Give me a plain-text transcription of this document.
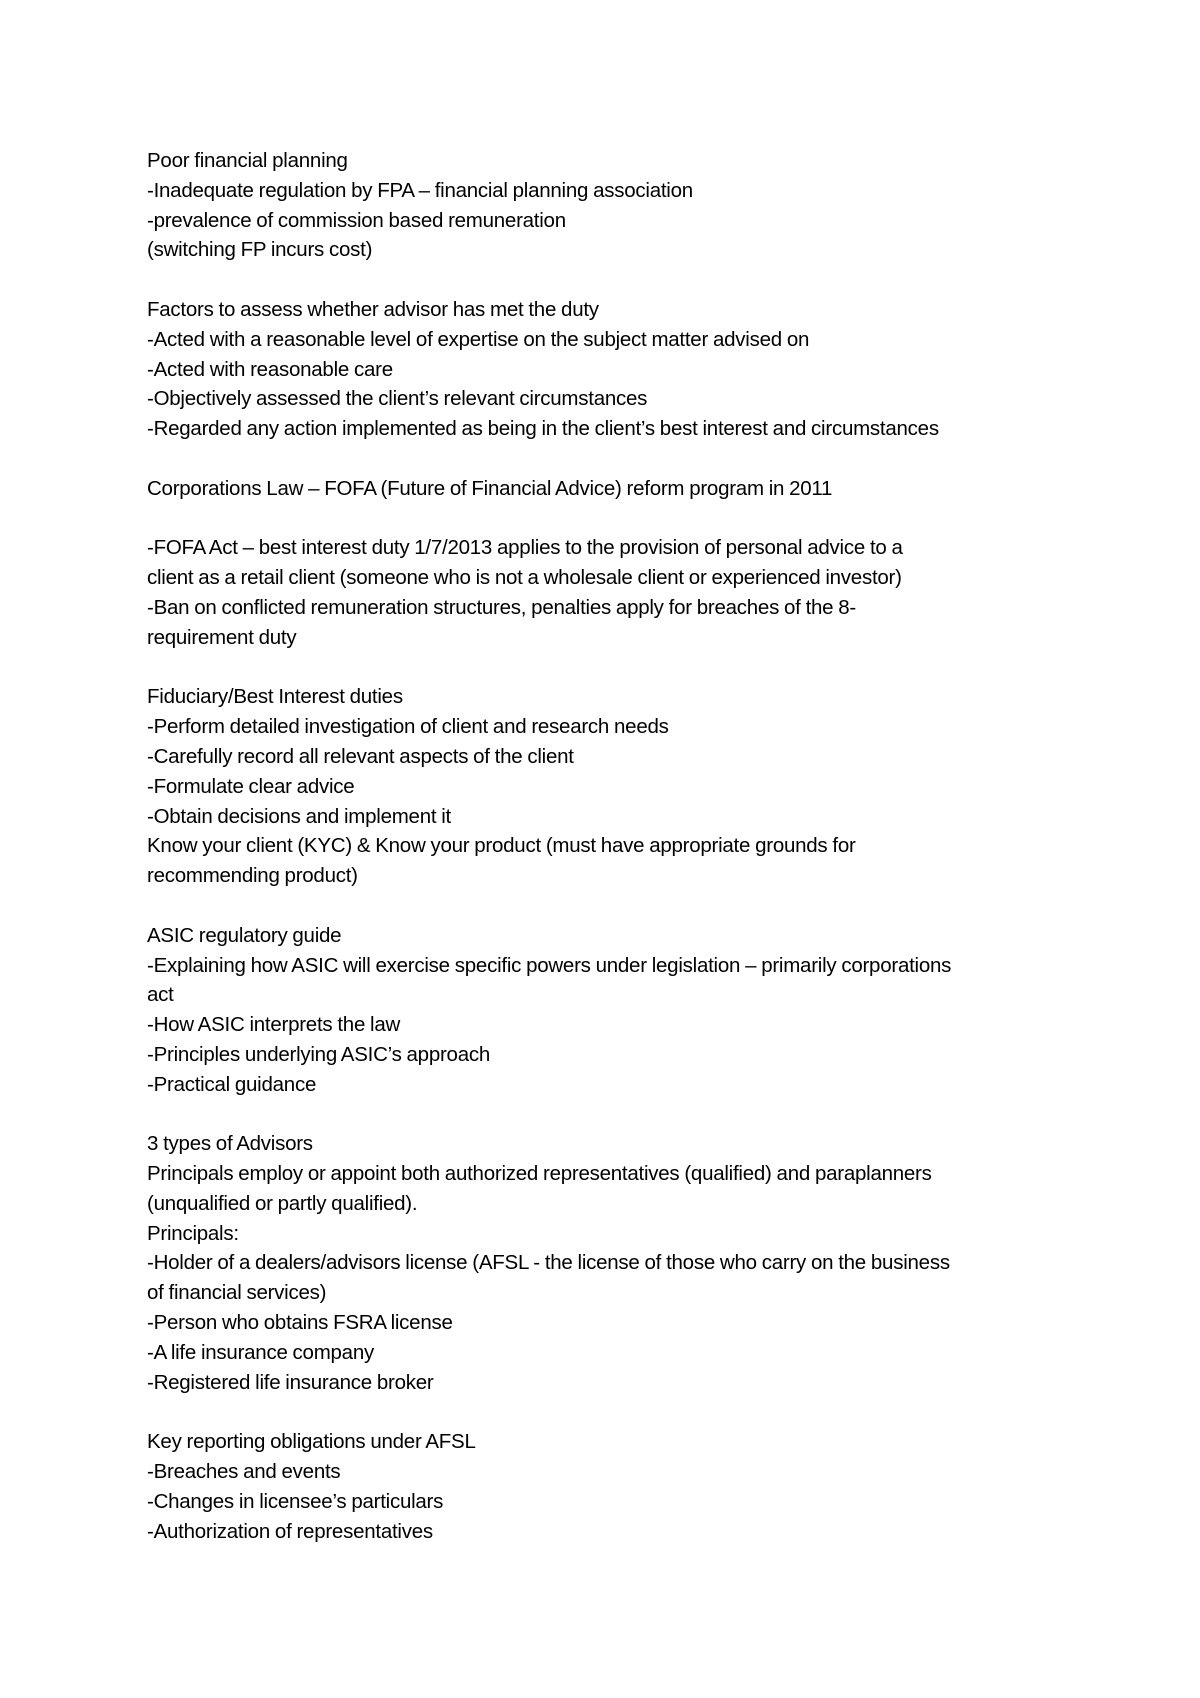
Poor financial planning
-Inadequate regulation by FPA – financial planning association
-prevalence of commission based remuneration
(switching FP incurs cost)
Factors to assess whether advisor has met the duty
-Acted with a reasonable level of expertise on the subject matter advised on
-Acted with reasonable care
-Objectively assessed the client’s relevant circumstances
-Regarded any action implemented as being in the client’s best interest and circumstances
Corporations Law – FOFA (Future of Financial Advice) reform program in 2011
-FOFA Act – best interest duty 1/7/2013 applies to the provision of personal advice to a
client as a retail client (someone who is not a wholesale client or experienced investor)
-Ban on conflicted remuneration structures, penalties apply for breaches of the 8-
requirement duty
Fiduciary/Best Interest duties
-Perform detailed investigation of client and research needs
-Carefully record all relevant aspects of the client
-Formulate clear advice
-Obtain decisions and implement it
Know your client (KYC) & Know your product (must have appropriate grounds for
recommending product)
ASIC regulatory guide
-Explaining how ASIC will exercise specific powers under legislation – primarily corporations
act
-How ASIC interprets the law
-Principles underlying ASIC’s approach
-Practical guidance
3 types of Advisors
Principals employ or appoint both authorized representatives (qualified) and paraplanners
(unqualified or partly qualified).
Principals:
-Holder of a dealers/advisors license (AFSL - the license of those who carry on the business
of financial services)
-Person who obtains FSRA license
-A life insurance company
-Registered life insurance broker
Key reporting obligations under AFSL
-Breaches and events
-Changes in licensee’s particulars
-Authorization of representatives
